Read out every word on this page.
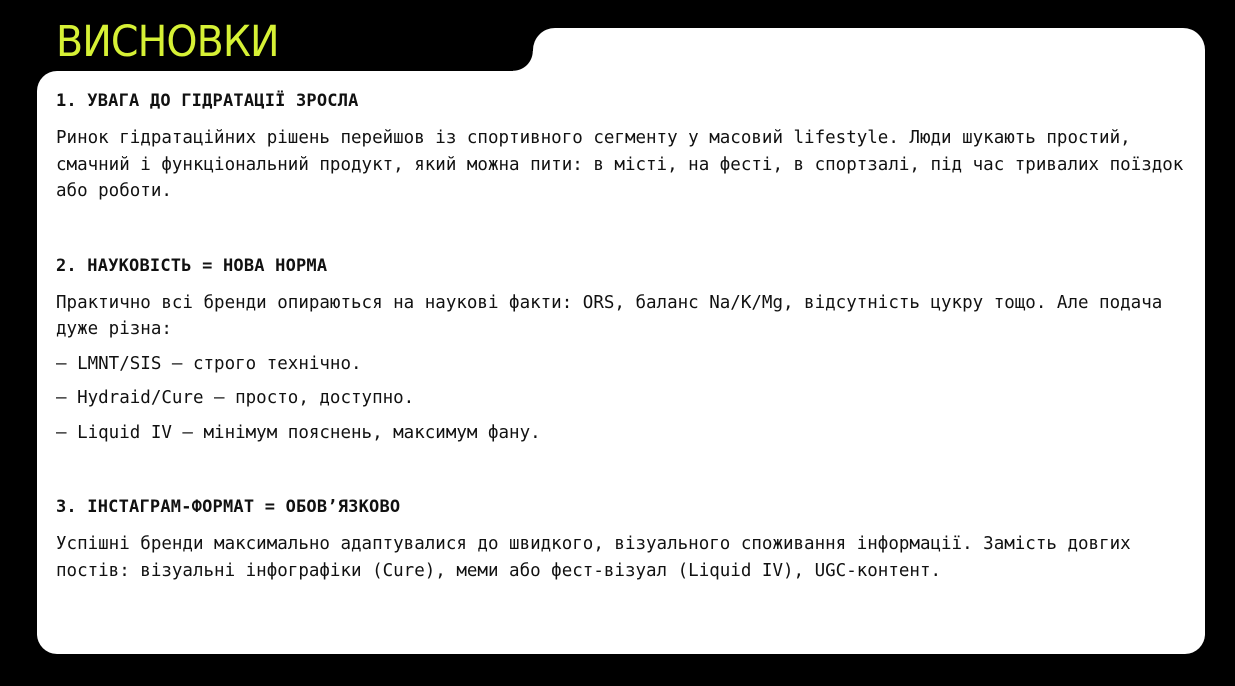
ВИСНОВКИ
1. УВАГА ДО ГІДРАТАЦІЇ ЗРОСЛА

Ринок гідратаційних рішень перейшов із спортивного сегменту у масовий lifestyle. Люди шукають простий, смачний і функціональний продукт, який можна пити: в місті, на фесті, в спортзалі, під час тривалих поїздок або роботи.

2. НАУКОВІСТЬ = НОВА НОРМА

Практично всі бренди опираються на наукові факти: ORS, баланс Na/K/Mg, відсутність цукру тощо. Але подача дуже різна:

— LMNT/SIS — строго технічно.
— Hydraid/Cure — просто, доступно.
— Liquid IV — мінімум пояснень, максимум фану.
3. ІНСТАГРАМ-ФОРМАТ = ОБОВ’ЯЗКОВО

Успішні бренди максимально адаптувалися до швидкого, візуального споживання інформації. Замість довгих постів: візуальні інфографіки (Cure), меми або фест-візуал (Liquid IV), UGC-контент.
